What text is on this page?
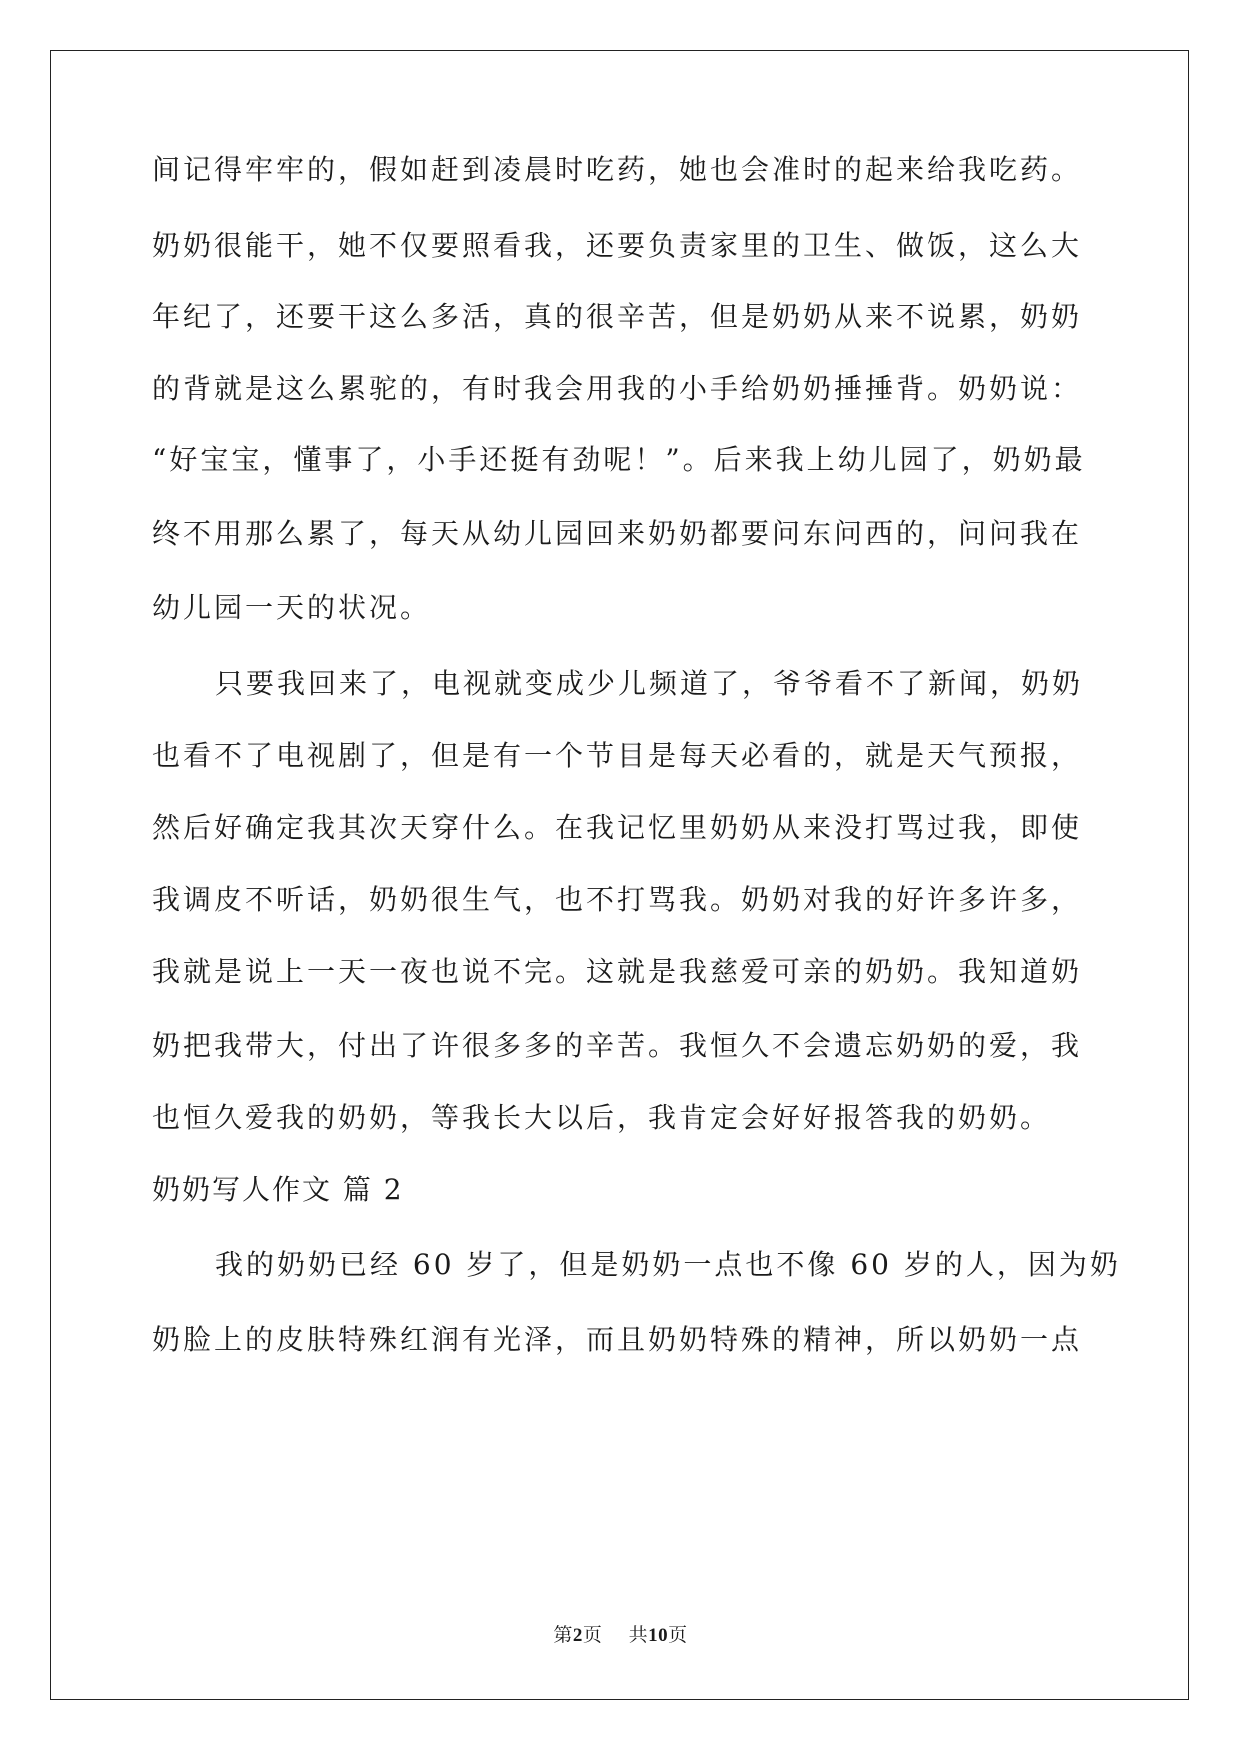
间记得牢牢的，假如赶到凌晨时吃药，她也会准时的起来给我吃药。
奶奶很能干，她不仅要照看我，还要负责家里的卫生、做饭，这么大
年纪了，还要干这么多活，真的很辛苦，但是奶奶从来不说累，奶奶
的背就是这么累驼的，有时我会用我的小手给奶奶捶捶背。奶奶说：
“好宝宝，懂事了，小手还挺有劲呢！”。后来我上幼儿园了，奶奶最
终不用那么累了，每天从幼儿园回来奶奶都要问东问西的，问问我在
幼儿园一天的状况。
只要我回来了，电视就变成少儿频道了，爷爷看不了新闻，奶奶
也看不了电视剧了，但是有一个节目是每天必看的，就是天气预报，
然后好确定我其次天穿什么。在我记忆里奶奶从来没打骂过我，即使
我调皮不听话，奶奶很生气，也不打骂我。奶奶对我的好许多许多，
我就是说上一天一夜也说不完。这就是我慈爱可亲的奶奶。我知道奶
奶把我带大，付出了许很多多的辛苦。我恒久不会遗忘奶奶的爱，我
也恒久爱我的奶奶，等我长大以后，我肯定会好好报答我的奶奶。
奶奶写人作文 篇 2
我的奶奶已经 60 岁了，但是奶奶一点也不像 60 岁的人，因为奶
奶脸上的皮肤特殊红润有光泽，而且奶奶特殊的精神，所以奶奶一点
第2页    共10页
